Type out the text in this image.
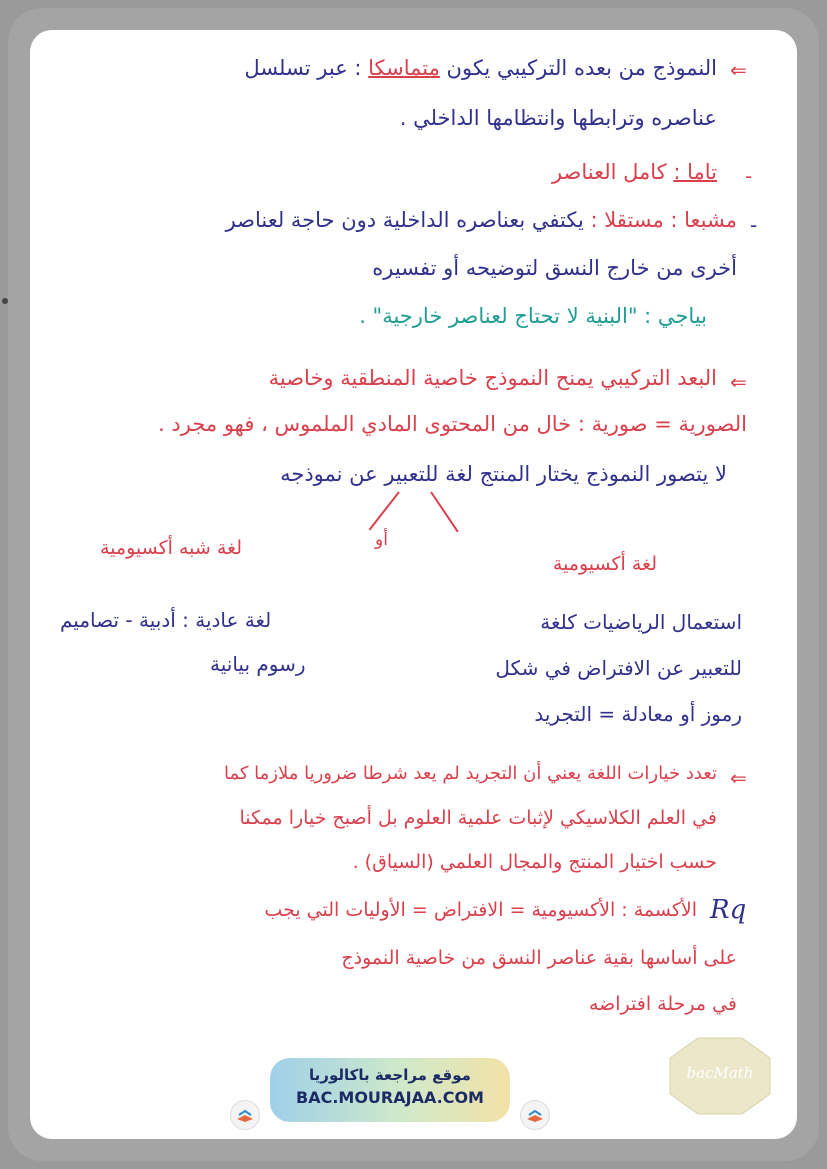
⇐
النموذج من بعده التركيبي يكون متماسكا : عبر تسلسل
عناصره وترابطها وانتظامها الداخلي .
-
تاما : كامل العناصر
-
مشبعا : مستقلا : يكتفي بعناصره الداخلية دون حاجة لعناصر
أخرى من خارج النسق لتوضيحه أو تفسيره
بياجي : "البنية لا تحتاج لعناصر خارجية" .
⇐
البعد التركيبي يمنح النموذج خاصية المنطقية وخاصية
الصورية = صورية : خال من المحتوى المادي الملموس ، فهو مجرد .
لا يتصور النموذج يختار المنتج لغة للتعبير عن نموذجه
أو
لغة شبه أكسيومية
لغة أكسيومية
لغة عادية : أدبية - تصاميم
رسوم بيانية
استعمال الرياضيات كلغة
للتعبير عن الافتراض في شكل
رموز أو معادلة = التجريد
⇐
تعدد خيارات اللغة يعني أن التجريد لم يعد شرطا ضروريا ملازما كما
في العلم الكلاسيكي لإثبات علمية العلوم بل أصبح خيارا ممكنا
حسب اختيار المنتج والمجال العلمي (السياق) .
Rq
الأكسمة : الأكسيومية = الافتراض = الأوليات التي يجب
على أساسها بقية عناصر النسق من خاصية النموذج
في مرحلة افتراضه
موقع مراجعة باكالوريا
BAC.MOURAJAA.COM
bacMath
